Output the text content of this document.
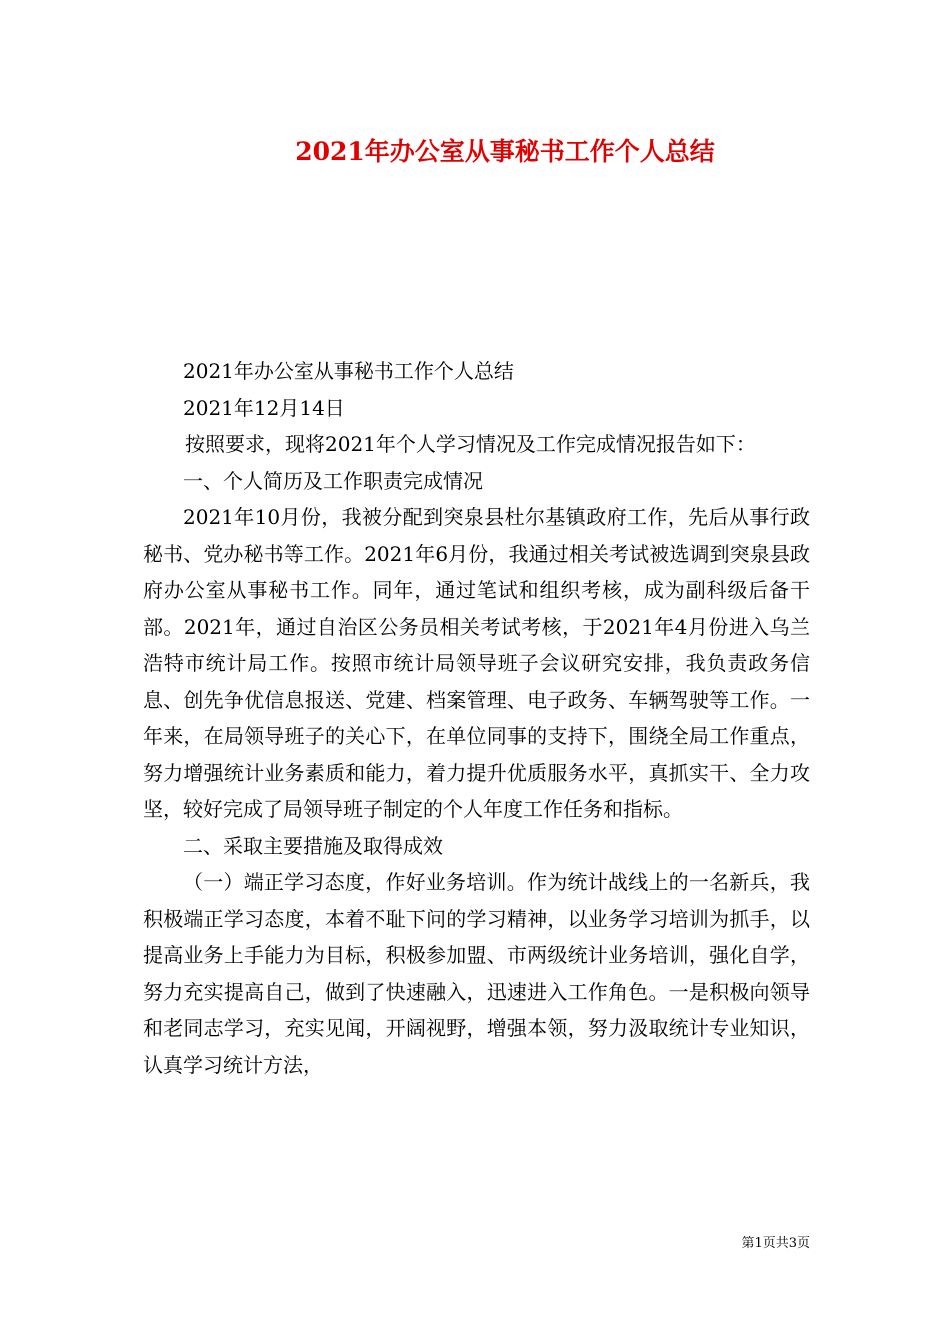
2021年办公室从事秘书工作个人总结

2021年办公室从事秘书工作个人总结

2021年12月14日

按照要求，现将2021年个人学习情况及工作完成情况报告如下：

一、个人简历及工作职责完成情况

2021年10月份，我被分配到突泉县杜尔基镇政府工作，先后从事行政秘书、党办秘书等工作。2021年6月份，我通过相关考试被选调到突泉县政府办公室从事秘书工作。同年，通过笔试和组织考核，成为副科级后备干部。2021年，通过自治区公务员相关考试考核，于2021年4月份进入乌兰浩特市统计局工作。按照市统计局领导班子会议研究安排，我负责政务信息、创先争优信息报送、党建、档案管理、电子政务、车辆驾驶等工作。一年来，在局领导班子的关心下，在单位同事的支持下，围绕全局工作重点，努力增强统计业务素质和能力，着力提升优质服务水平，真抓实干、全力攻坚，较好完成了局领导班子制定的个人年度工作任务和指标。

二、采取主要措施及取得成效

（一）端正学习态度，作好业务培训。作为统计战线上的一名新兵，我积极端正学习态度，本着不耻下问的学习精神，以业务学习培训为抓手，以提高业务上手能力为目标，积极参加盟、市两级统计业务培训，强化自学，努力充实提高自己，做到了快速融入，迅速进入工作角色。一是积极向领导和老同志学习，充实见闻，开阔视野，增强本领，努力汲取统计专业知识，认真学习统计方法，

第1页共3页
